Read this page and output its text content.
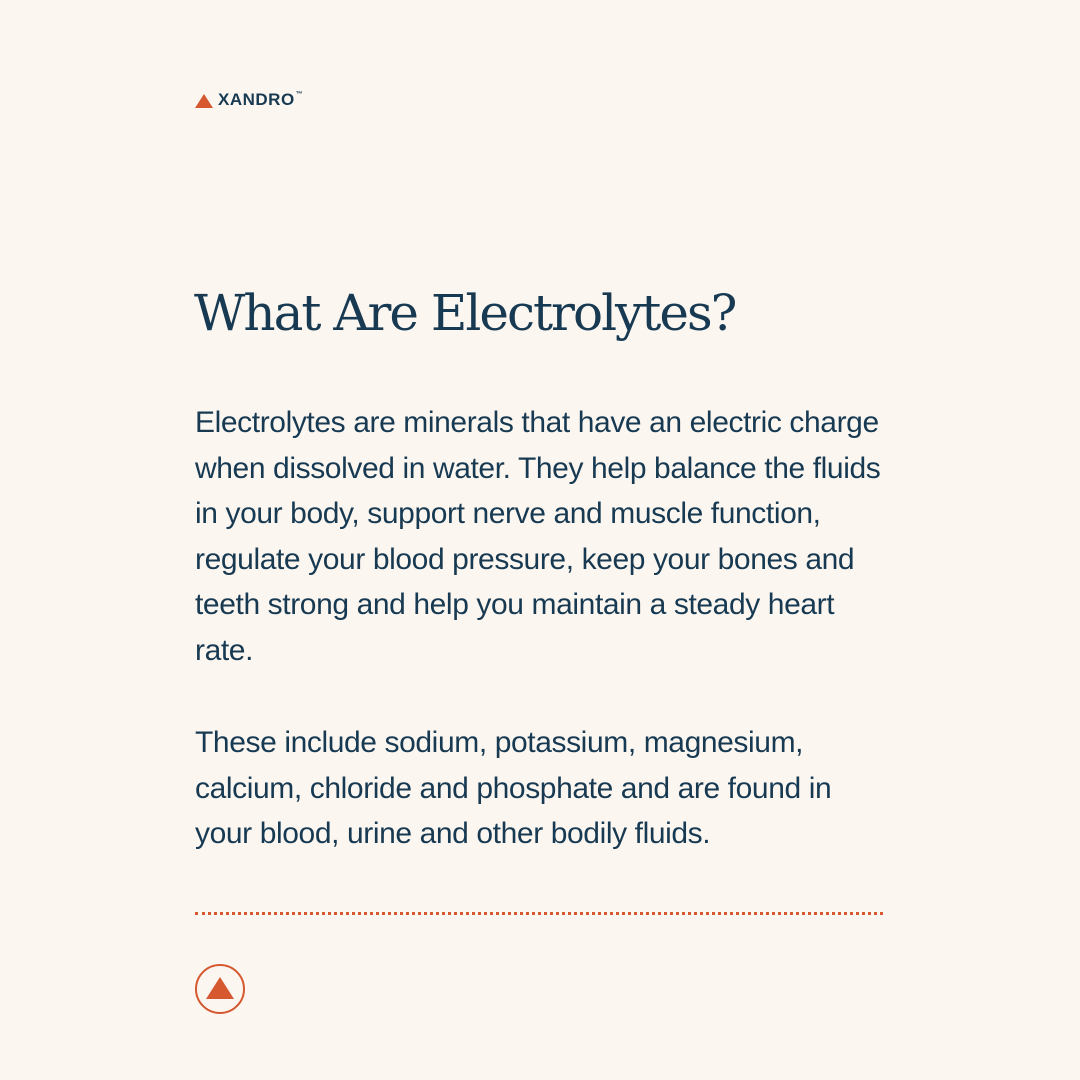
XANDRO ™
What Are Electrolytes?

Electrolytes are minerals that have an electric charge when dissolved in water. They help balance the fluids in your body, support nerve and muscle function, regulate your blood pressure, keep your bones and teeth strong and help you maintain a steady heart rate.

These include sodium, potassium, magnesium, calcium, chloride and phosphate and are found in your blood, urine and other bodily fluids.
